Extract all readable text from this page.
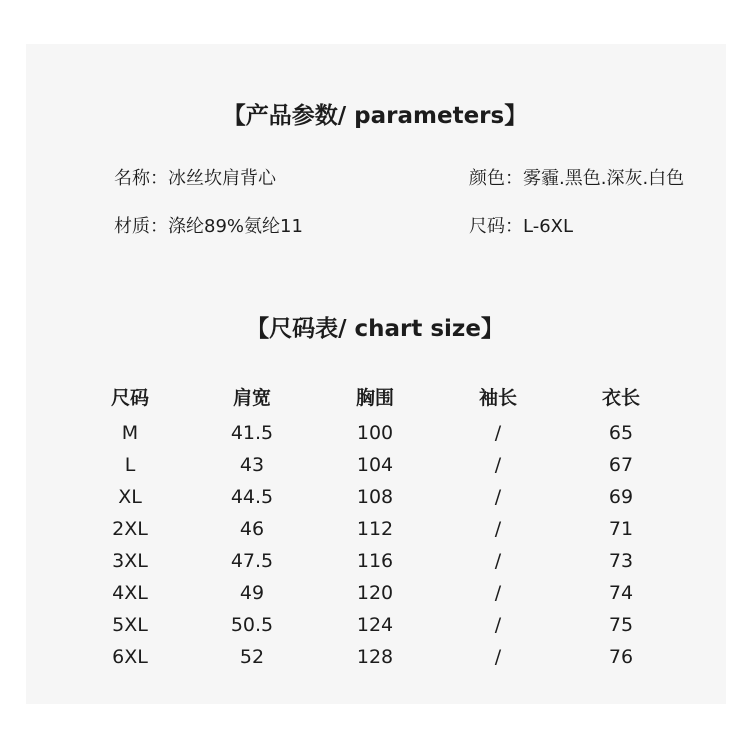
【产品参数/ parameters】
名称：冰丝坎肩背心	颜色：雾霾.黑色.深灰.白色
材质：涤纶89%氨纶11	尺码：L-6XL
【尺码表/ chart size】
尺码	肩宽	胸围	袖长	衣长
M	41.5	100	/	65
L	43	104	/	67
XL	44.5	108	/	69
2XL	46	112	/	71
3XL	47.5	116	/	73
4XL	49	120	/	74
5XL	50.5	124	/	75
6XL	52	128	/	76
